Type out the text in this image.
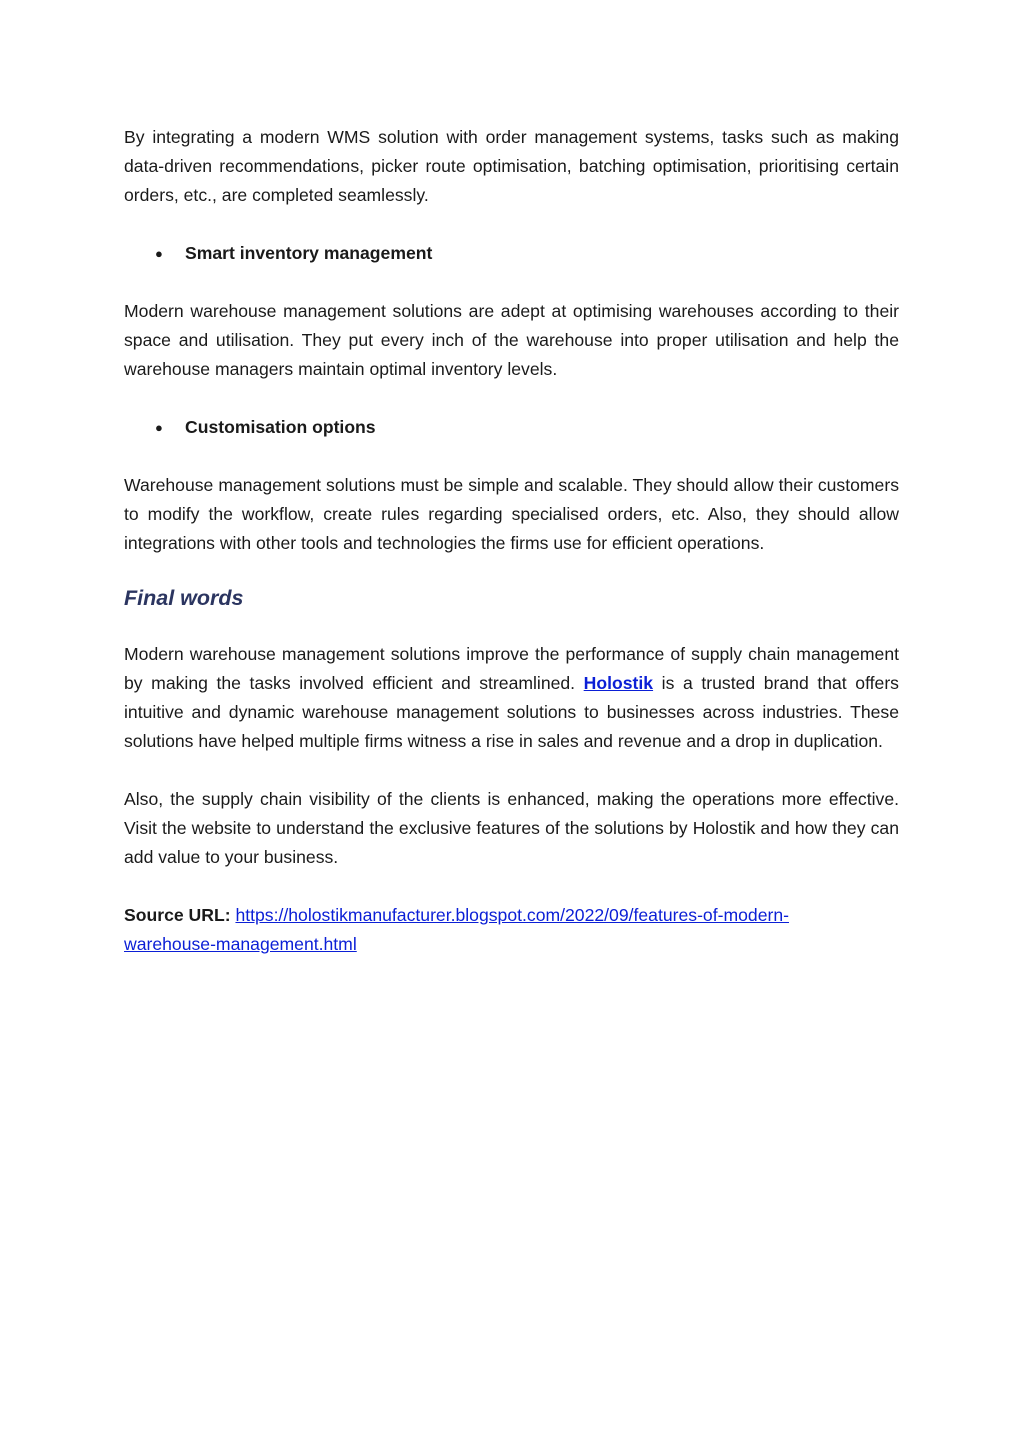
By integrating a modern WMS solution with order management systems, tasks such as making data-driven recommendations, picker route optimisation, batching optimisation, prioritising certain orders, etc., are completed seamlessly.

●	Smart inventory management

Modern warehouse management solutions are adept at optimising warehouses according to their space and utilisation. They put every inch of the warehouse into proper utilisation and help the warehouse managers maintain optimal inventory levels.

●	Customisation options

Warehouse management solutions must be simple and scalable. They should allow their customers to modify the workflow, create rules regarding specialised orders, etc. Also, they should allow integrations with other tools and technologies the firms use for efficient operations.

Final words

Modern warehouse management solutions improve the performance of supply chain management by making the tasks involved efficient and streamlined. Holostik is a trusted brand that offers intuitive and dynamic warehouse management solutions to businesses across industries. These solutions have helped multiple firms witness a rise in sales and revenue and a drop in duplication.

Also, the supply chain visibility of the clients is enhanced, making the operations more effective. Visit the website to understand the exclusive features of the solutions by Holostik and how they can add value to your business.

Source URL: https://holostikmanufacturer.blogspot.com/2022/09/features-of-modern-
warehouse-management.html
